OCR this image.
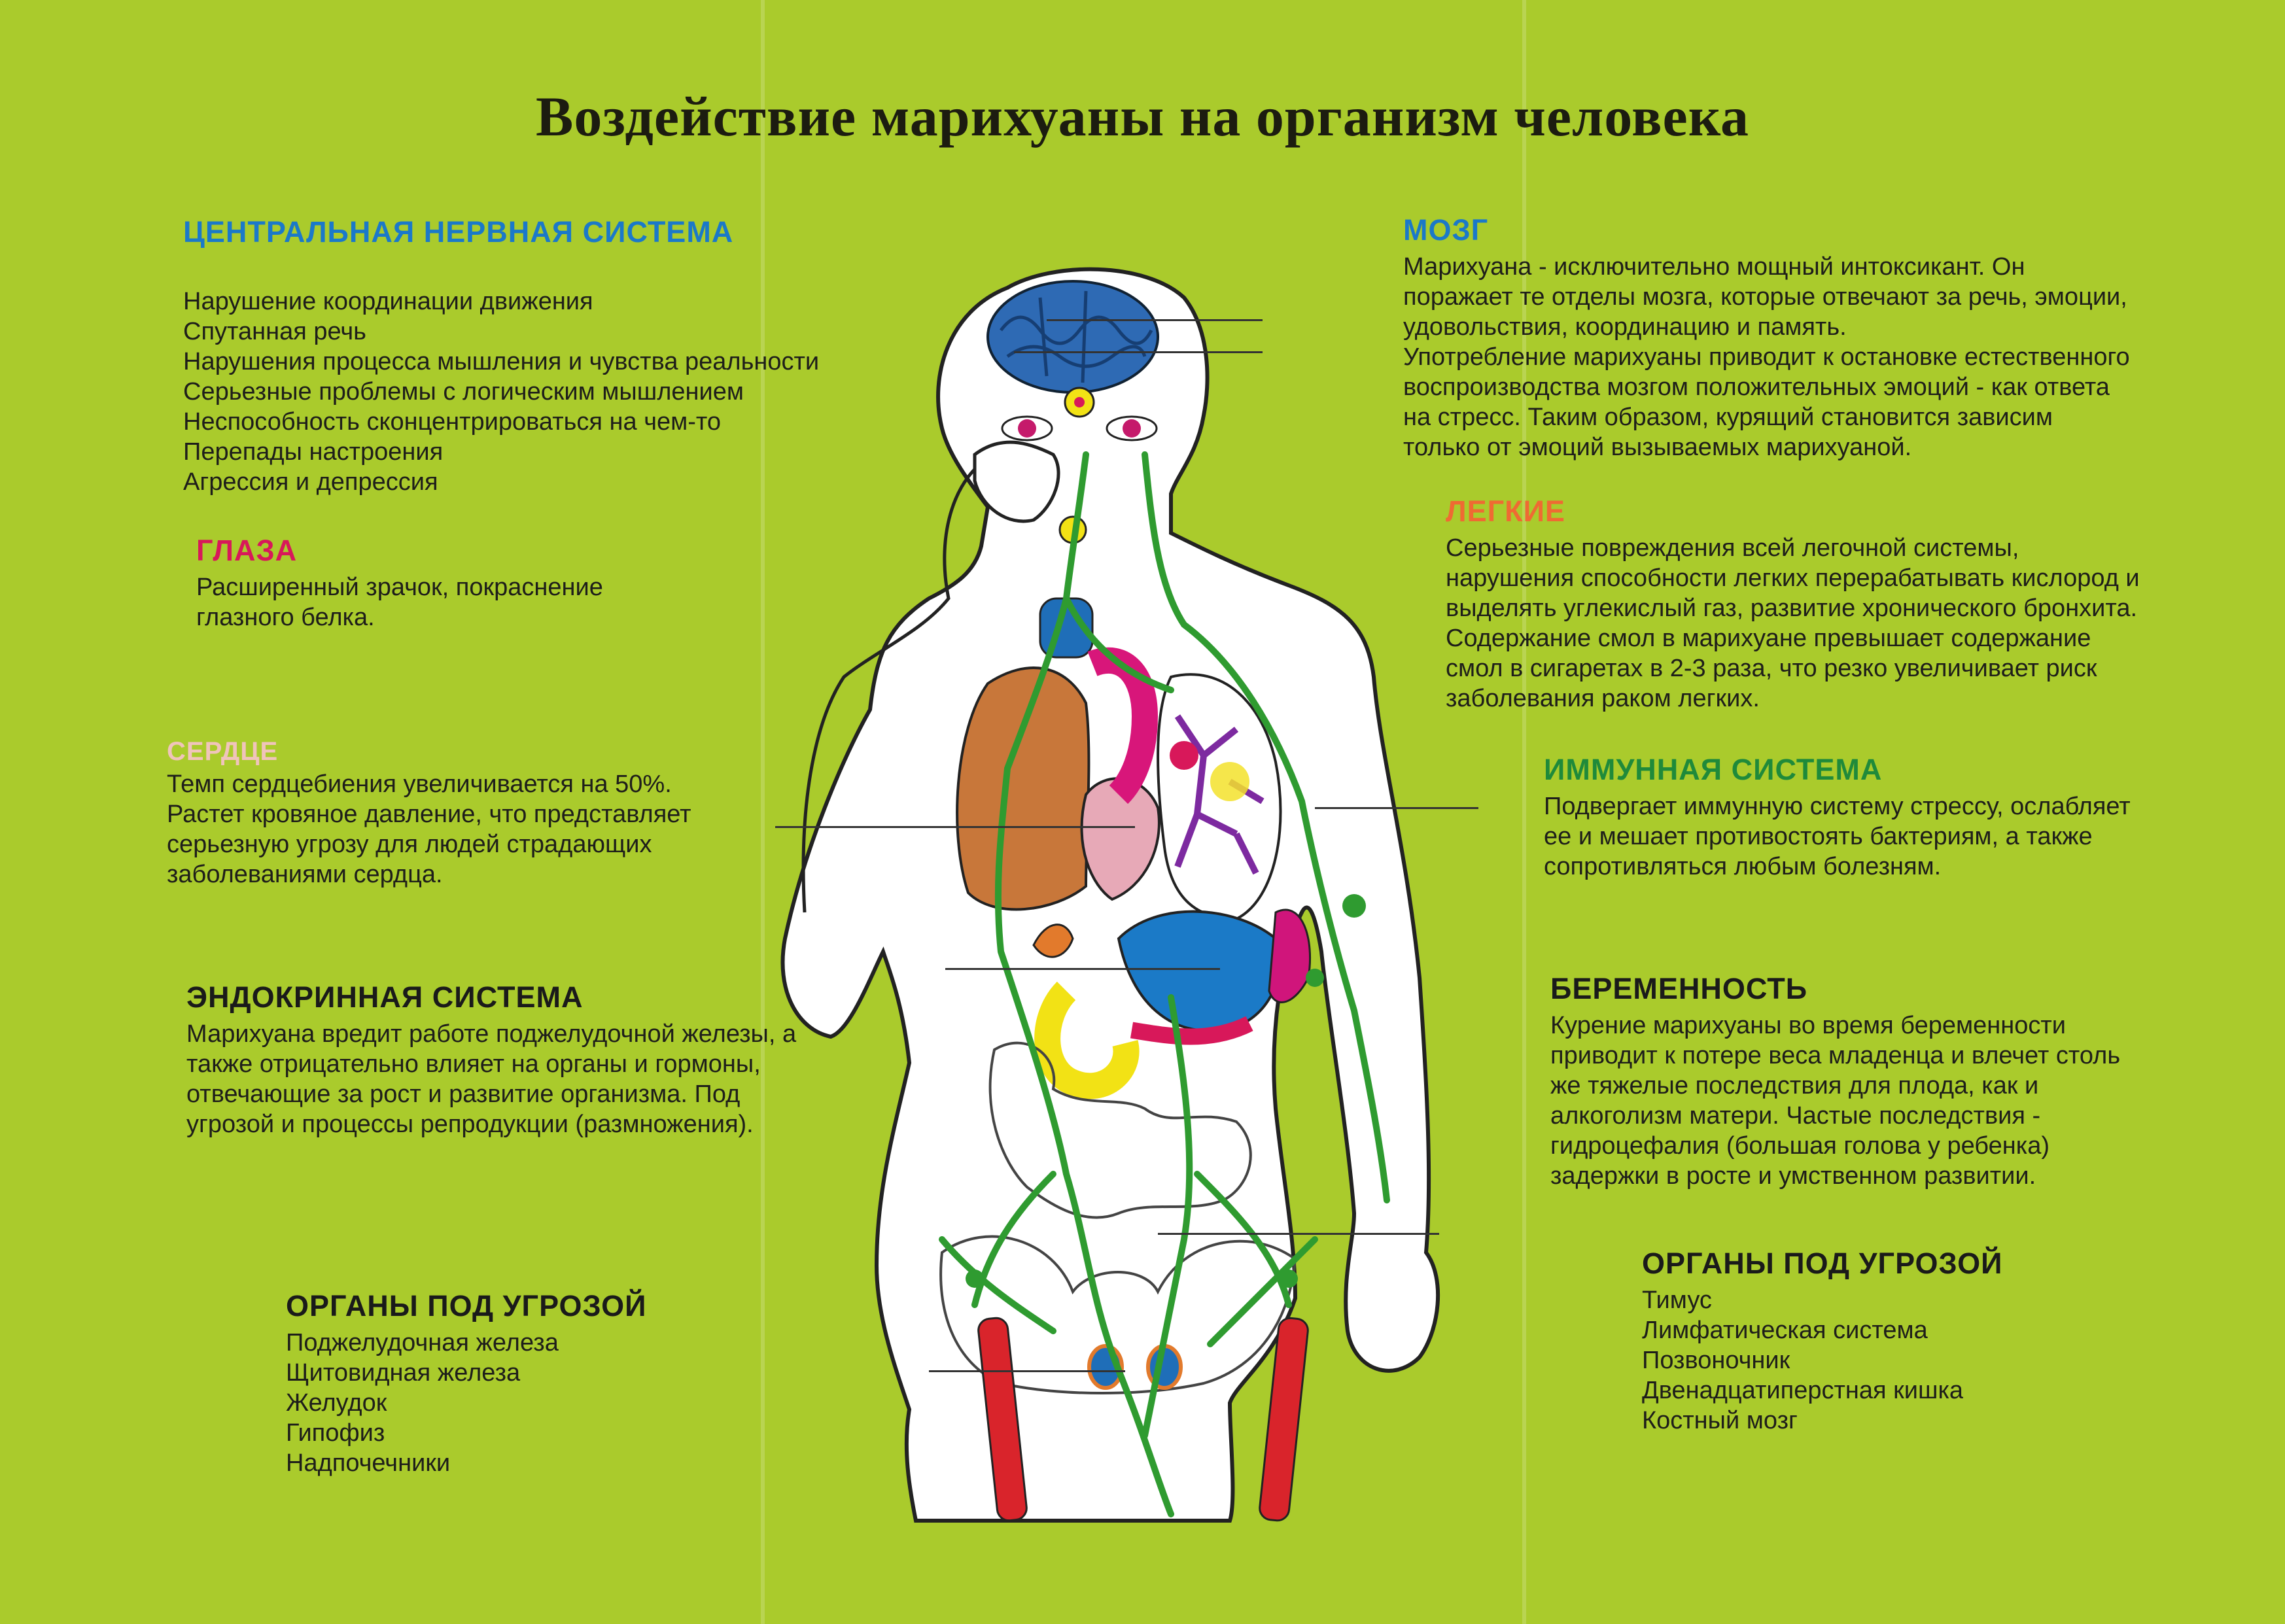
Воздействие марихуаны на организм человека
ЦЕНТРАЛЬНАЯ НЕРВНАЯ СИСТЕМА
Нарушение координации движения
Спутанная речь
Нарушения процесса мышления и чувства реальности
Серьезные проблемы с логическим мышлением
Неспособность сконцентрироваться на чем-то
Перепады настроения
Агрессия и депрессия
ГЛАЗА

Расширенный зрачок, покраснение

глазного белка.

СЕРДЦЕ

Темп сердцебиения увеличивается на 50%.

Растет кровяное давление, что представляет

серьезную угрозу для людей страдающих

заболеваниями сердца.

ЭНДОКРИННАЯ СИСТЕМА

Марихуана вредит работе поджелудочной железы, а

также отрицательно влияет на органы и гормоны,

отвечающие за рост и развитие организма. Под

угрозой и процессы репродукции (размножения).

ОРГАНЫ ПОД УГРОЗОЙ
Поджелудочная железа
Щитовидная железа
Желудок
Гипофиз
Надпочечники
МОЗГ

Марихуана - исключительно мощный интоксикант. Он

поражает те отделы мозга, которые отвечают за речь, эмоции,

удовольствия, координацию и память.

Употребление марихуаны приводит к остановке естественного

воспроизводства мозгом положительных эмоций - как ответа

на стресс. Таким образом, курящий становится зависим

только от эмоций вызываемых марихуаной.

ЛЕГКИЕ

Серьезные повреждения всей легочной системы,

нарушения способности легких перерабатывать кислород и

выделять углекислый газ, развитие хронического бронхита.

Содержание смол в марихуане превышает содержание

смол в сигаретах в 2-3 раза, что резко увеличивает риск

заболевания раком легких.

ИММУННАЯ СИСТЕМА

Подвергает иммунную систему стрессу, ослабляет

ее и мешает противостоять бактериям, а также

сопротивляться любым болезням.

БЕРЕМЕННОСТЬ

Курение марихуаны во время беременности

приводит к потере веса младенца и влечет столь

же тяжелые последствия для плода, как и

алкоголизм матери. Частые последствия -

гидроцефалия (большая голова у ребенка)

задержки в росте и умственном развитии.

ОРГАНЫ ПОД УГРОЗОЙ
Тимус
Лимфатическая система
Позвоночник
Двенадцатиперстная кишка
Костный мозг
